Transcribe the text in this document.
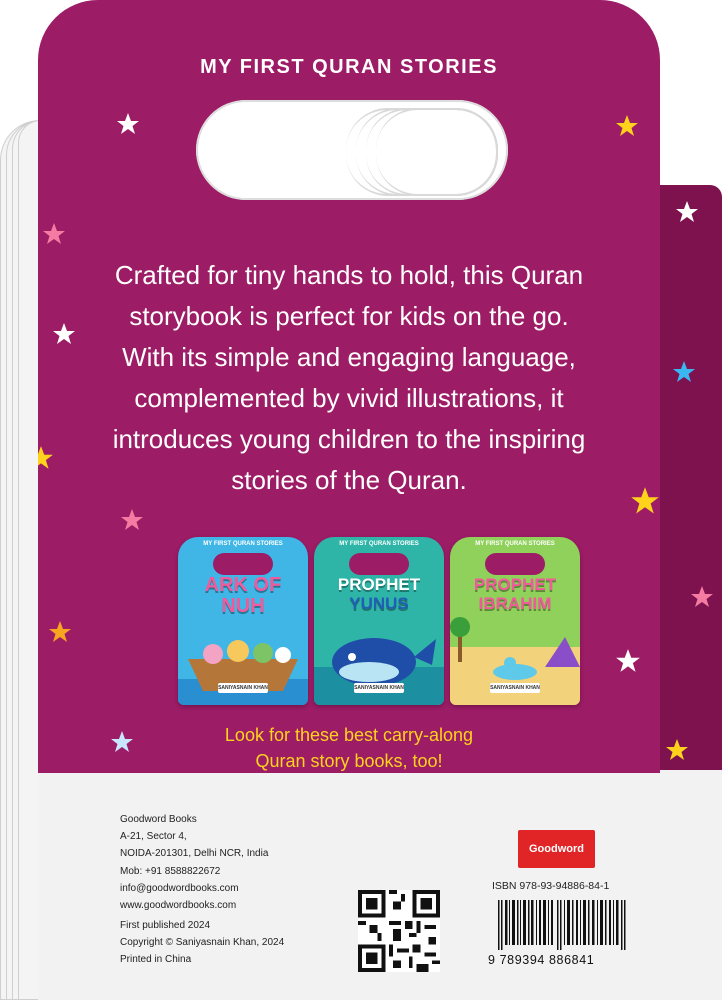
MY FIRST QURAN STORIES
Crafted for tiny hands to hold, this Quran
storybook is perfect for kids on the go.
With its simple and engaging language,
complemented by vivid illustrations, it
introduces young children to the inspiring
stories of the Quran.
MY FIRST QURAN STORIES
ARK OF
NUH
SANIYASNAIN KHAN
MY FIRST QURAN STORIES
PROPHET
YUNUS
SANIYASNAIN KHAN
MY FIRST QURAN STORIES
PROPHET
IBRAHIM
SANIYASNAIN KHAN
Look for these best carry-along
Quran story books, too!
Goodword Books
A-21, Sector 4,
NOIDA-201301, Delhi NCR, India
Mob: +91 8588822672
info@goodwordbooks.com
www.goodwordbooks.com
First published 2024
Copyright © Saniyasnain Khan, 2024
Printed in China
Goodword
ISBN 978-93-94886-84-1
9 789394 886841
